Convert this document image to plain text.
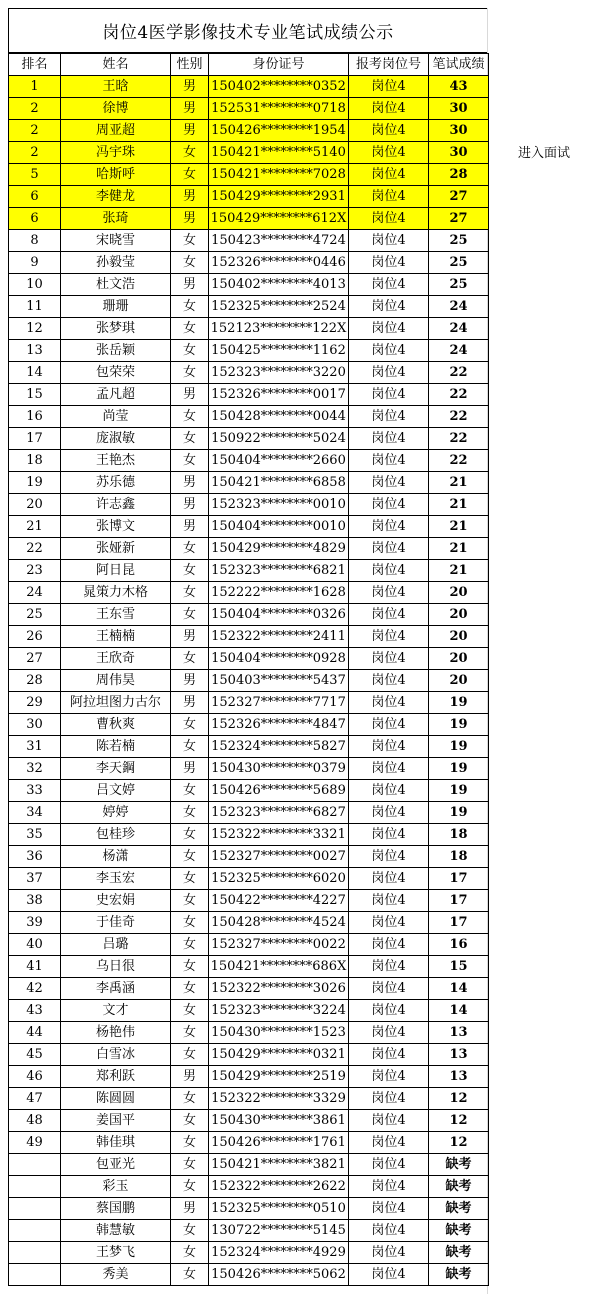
岗位4医学影像技术专业笔试成绩公示
排名	姓名	性别	身份证号	报考岗位号	笔试成绩
1	王晗	男	150402********0352	岗位4	43
2	徐博	男	152531********0718	岗位4	30
2	周亚超	男	150426********1954	岗位4	30
2	冯宇珠	女	150421********5140	岗位4	30
5	哈斯呼	女	150421********7028	岗位4	28
6	李健龙	男	150429********2931	岗位4	27
6	张琦	男	150429********612X	岗位4	27
8	宋晓雪	女	150423********4724	岗位4	25
9	孙毅莹	女	152326********0446	岗位4	25
10	杜文浩	男	150402********4013	岗位4	25
11	珊珊	女	152325********2524	岗位4	24
12	张梦琪	女	152123********122X	岗位4	24
13	张岳颖	女	150425********1162	岗位4	24
14	包荣荣	女	152323********3220	岗位4	22
15	孟凡超	男	152326********0017	岗位4	22
16	尚莹	女	150428********0044	岗位4	22
17	庞淑敏	女	150922********5024	岗位4	22
18	王艳杰	女	150404********2660	岗位4	22
19	苏乐德	男	150421********6858	岗位4	21
20	许志鑫	男	152323********0010	岗位4	21
21	张博文	男	150404********0010	岗位4	21
22	张娅新	女	150429********4829	岗位4	21
23	阿日昆	女	152323********6821	岗位4	21
24	晁策力木格	女	152222********1628	岗位4	20
25	王东雪	女	150404********0326	岗位4	20
26	王楠楠	男	152322********2411	岗位4	20
27	王欣奇	女	150404********0928	岗位4	20
28	周伟昊	男	150403********5437	岗位4	20
29	阿拉坦图力古尔	男	152327********7717	岗位4	19
30	曹秋爽	女	152326********4847	岗位4	19
31	陈若楠	女	152324********5827	岗位4	19
32	李天鋼	男	150430********0379	岗位4	19
33	吕文婷	女	150426********5689	岗位4	19
34	婷婷	女	152323********6827	岗位4	19
35	包桂珍	女	152322********3321	岗位4	18
36	杨潇	女	152327********0027	岗位4	18
37	李玉宏	女	152325********6020	岗位4	17
38	史宏娟	女	150422********4227	岗位4	17
39	于佳奇	女	150428********4524	岗位4	17
40	吕璐	女	152327********0022	岗位4	16
41	乌日很	女	150421********686X	岗位4	15
42	李禹涵	女	152322********3026	岗位4	14
43	文才	女	152323********3224	岗位4	14
44	杨艳伟	女	150430********1523	岗位4	13
45	白雪冰	女	150429********0321	岗位4	13
46	郑利跃	男	150429********2519	岗位4	13
47	陈圆圆	女	152322********3329	岗位4	12
48	姜国平	女	150430********3861	岗位4	12
49	韩佳琪	女	150426********1761	岗位4	12
	包亚光	女	150421********3821	岗位4	缺考
	彩玉	女	152322********2622	岗位4	缺考
	蔡国鹏	男	152325********0510	岗位4	缺考
	韩慧敏	女	130722********5145	岗位4	缺考
	王梦飞	女	152324********4929	岗位4	缺考
	秀美	女	150426********5062	岗位4	缺考
进入面试
